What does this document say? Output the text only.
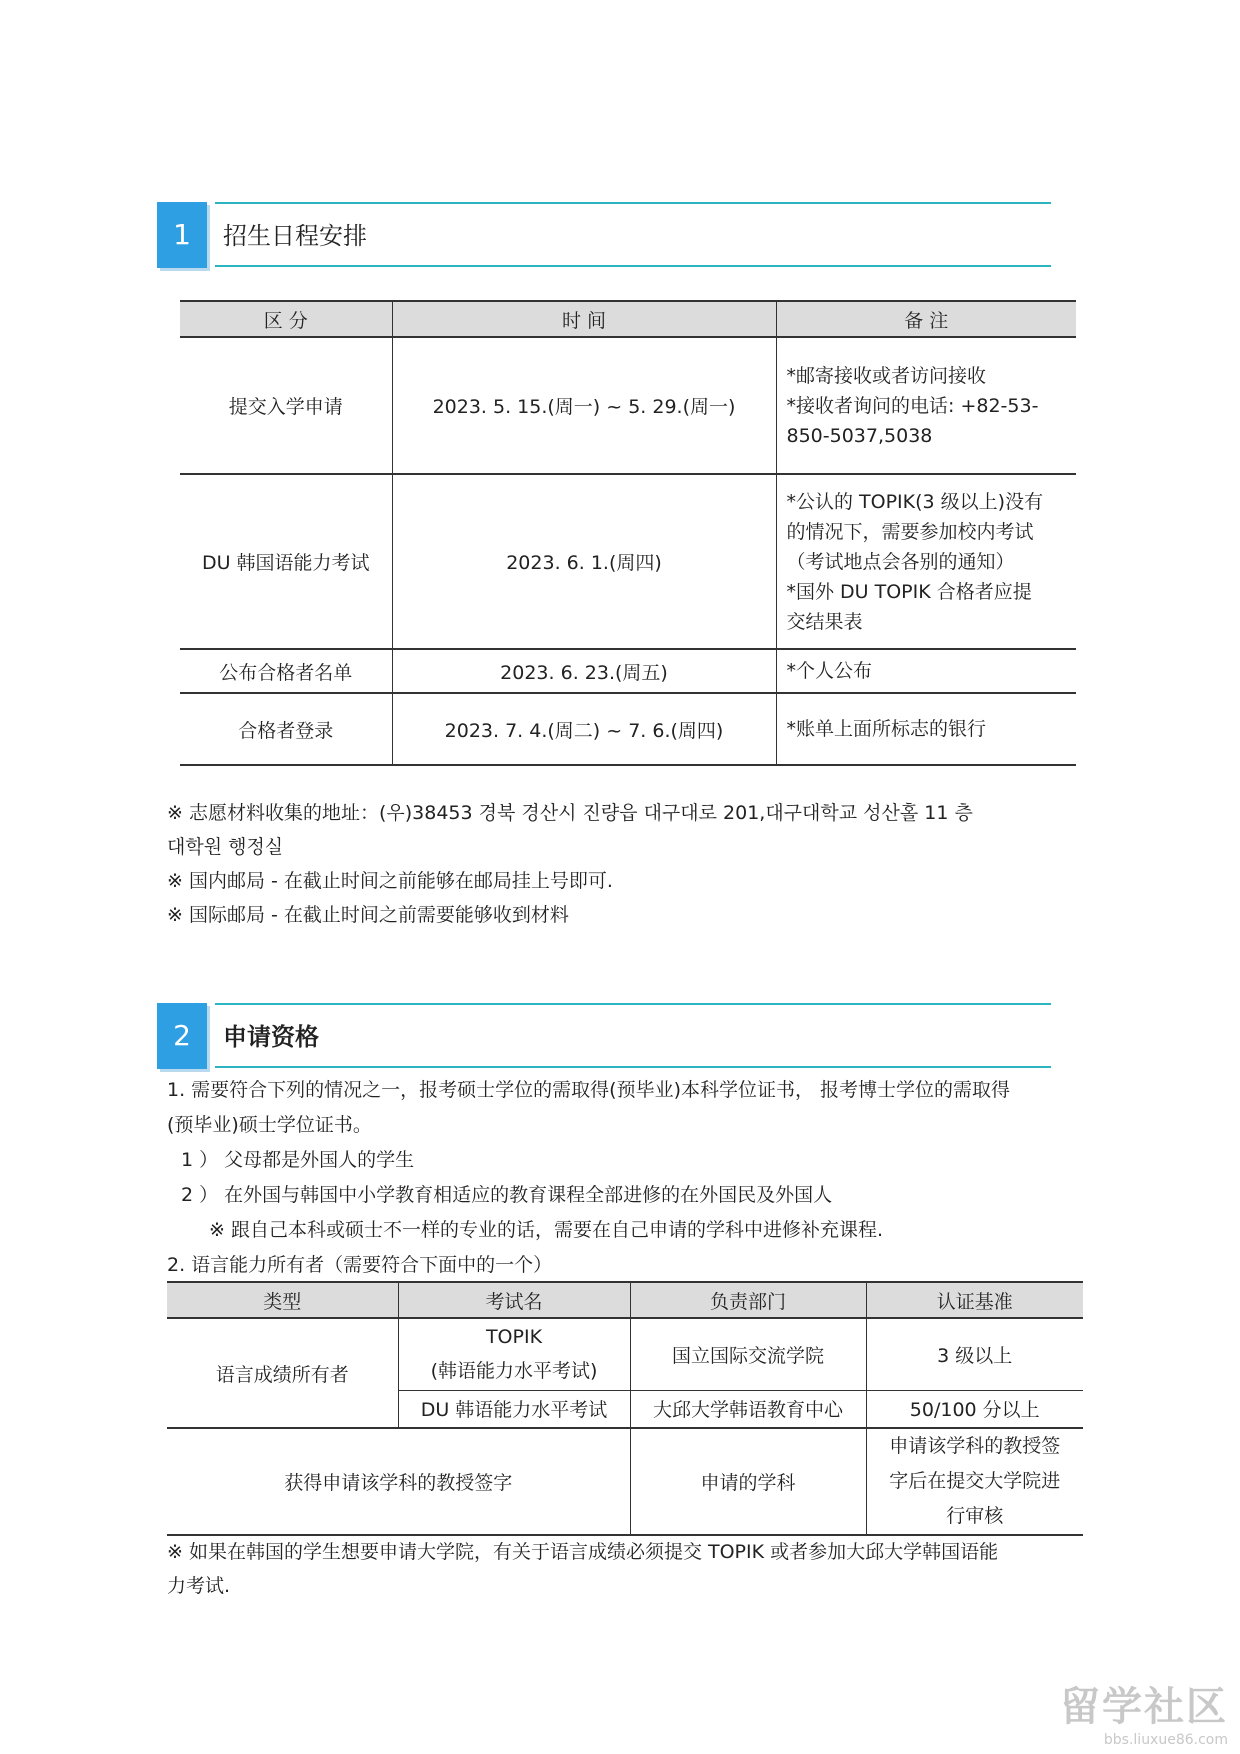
1	招生日程安排
区 分	时 间	备 注
提交入学申请	2023. 5. 15.(周一) ~ 5. 29.(周一)	*邮寄接收或者访问接收
*接收者询问的电话: +82-53-
850-5037,5038

DU 韩国语能力考试	2023. 6. 1.(周四)	*公认的 TOPIK(3 级以上)没有
的情况下，需要参加校内考试
（考试地点会各别的通知）
*国外 DU TOPIK 合格者应提
交结果表

公布合格者名单	2023. 6. 23.(周五)	*个人公布

合格者登录	2023. 7. 4.(周二) ~ 7. 6.(周四)	*账单上面所标志的银行
※ 志愿材料收集的地址：(우)38453 경북 경산시 진량읍 대구대로 201,대구대학교 성산홀 11 층
대학원 행정실
※ 国内邮局 - 在截止时间之前能够在邮局挂上号即可.
※ 国际邮局 - 在截止时间之前需要能够收到材料
2	申请资格
1. 需要符合下列的情况之一，报考硕士学位的需取得(预毕业)本科学位证书， 报考博士学位的需取得
(预毕业)硕士学位证书。
1 ） 父母都是外国人的学生
2 ） 在外国与韩国中小学教育相适应的教育课程全部进修的在外国民及外国人
※ 跟自己本科或硕士不一样的专业的话，需要在自己申请的学科中进修补充课程.
2. 语言能力所有者（需要符合下面中的一个）
类型	考试名	负责部门	认证基准
语言成绩所有者	TOPIK
(韩语能力水平考试)	国立国际交流学院	3 级以上
	DU 韩语能力水平考试	大邱大学韩语教育中心	50/100 分以上
获得申请该学科的教授签字		申请的学科	申请该学科的教授签
字后在提交大学院进
行审核
※ 如果在韩国的学生想要申请大学院，有关于语言成绩必须提交 TOPIK 或者参加大邱大学韩国语能
力考试.
留学社区
bbs.liuxue86.com
